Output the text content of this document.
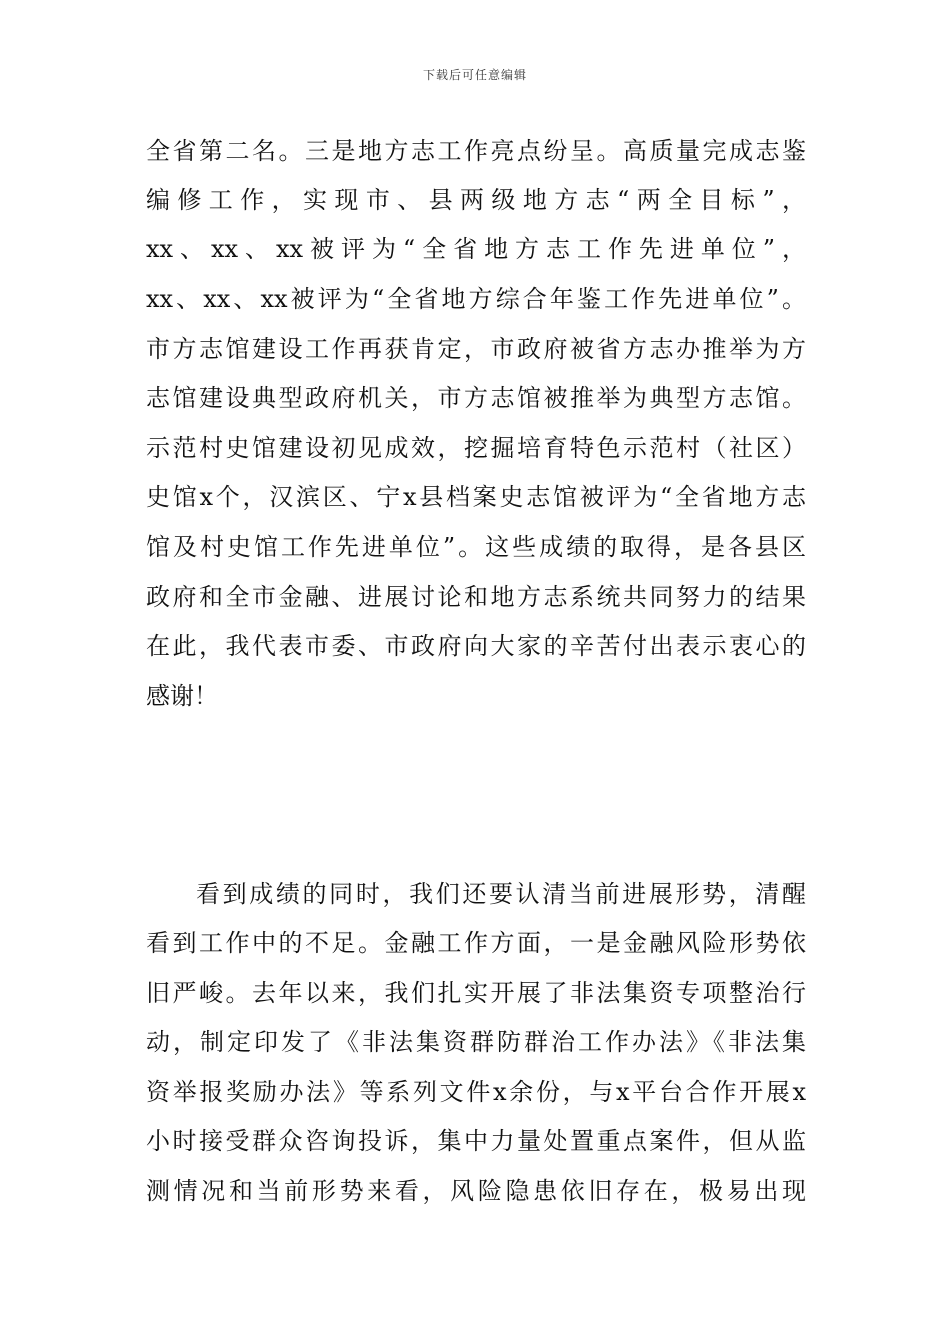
下载后可任意编辑
全省第二名。三是地方志工作亮点纷呈。高质量完成志鉴
编修工作，实现市、县两级地方志“两全目标”，
xx、xx、xx被评为“全省地方志工作先进单位”，
xx、xx、xx被评为“全省地方综合年鉴工作先进单位”。
市方志馆建设工作再获肯定，市政府被省方志办推举为方
志馆建设典型政府机关，市方志馆被推举为典型方志馆。
示范村史馆建设初见成效，挖掘培育特色示范村（社区）
史馆x个，汉滨区、宁x县档案史志馆被评为“全省地方志
馆及村史馆工作先进单位”。这些成绩的取得，是各县区
政府和全市金融、进展讨论和地方志系统共同努力的结果
在此，我代表市委、市政府向大家的辛苦付出表示衷心的
感谢！
看到成绩的同时，我们还要认清当前进展形势，清醒
看到工作中的不足。金融工作方面，一是金融风险形势依
旧严峻。去年以来，我们扎实开展了非法集资专项整治行
动，制定印发了《非法集资群防群治工作办法》《非法集
资举报奖励办法》等系列文件x余份，与x平台合作开展x
小时接受群众咨询投诉，集中力量处置重点案件，但从监
测情况和当前形势来看，风险隐患依旧存在，极易出现
